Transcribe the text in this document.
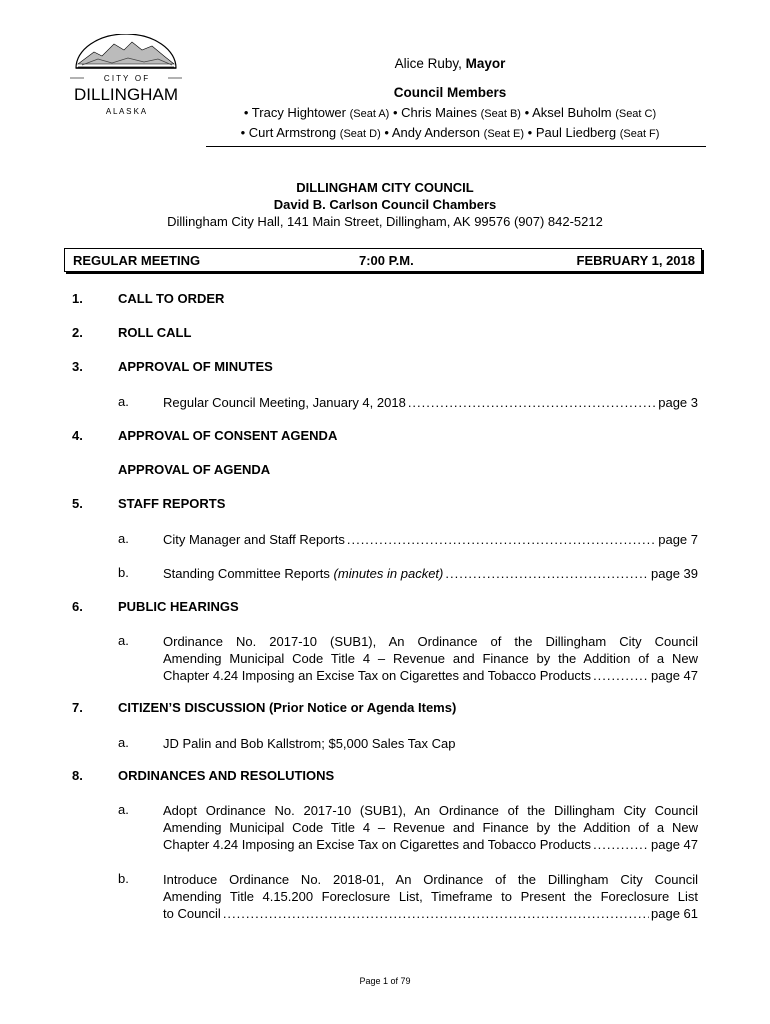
C I T Y   O F
DILLINGHAM
A L A S K A
Alice Ruby, Mayor
Council Members
• Tracy Hightower (Seat A) • Chris Maines (Seat B) • Aksel Buholm (Seat C)
• Curt Armstrong (Seat D) • Andy Anderson (Seat E) • Paul Liedberg (Seat F)
DILLINGHAM CITY COUNCIL
David B. Carlson Council Chambers
Dillingham City Hall, 141 Main Street, Dillingham, AK 99576 (907) 842-5212
REGULAR MEETING	7:00 P.M.	FEBRUARY 1, 2018
1.	CALL TO ORDER
2.	ROLL CALL
3.	APPROVAL OF MINUTES
a.	Regular Council Meeting, January 4, 2018 .....	page 3
4.	APPROVAL OF CONSENT AGENDA
APPROVAL OF AGENDA
5.	STAFF REPORTS
a.	City Manager and Staff Reports .....	page 7
b.	Standing Committee Reports (minutes in packet) .....	page 39
6.	PUBLIC HEARINGS
a.	Ordinance No. 2017-10 (SUB1), An Ordinance of the Dillingham City Council
Amending Municipal Code Title 4 – Revenue and Finance by the Addition of a New
Chapter 4.24 Imposing an Excise Tax on Cigarettes and Tobacco Products .....	page 47
7.	CITIZEN’S DISCUSSION (Prior Notice or Agenda Items)
a.	JD Palin and Bob Kallstrom; $5,000 Sales Tax Cap
8.	ORDINANCES AND RESOLUTIONS
a.	Adopt Ordinance No. 2017-10 (SUB1), An Ordinance of the Dillingham City Council
Amending Municipal Code Title 4 – Revenue and Finance by the Addition of a New
Chapter 4.24 Imposing an Excise Tax on Cigarettes and Tobacco Products .....	page 47
b.	Introduce Ordinance No. 2018-01, An Ordinance of the Dillingham City Council
Amending Title 4.15.200 Foreclosure List, Timeframe to Present the Foreclosure List
to Council .....	page 61
Page 1 of 79
